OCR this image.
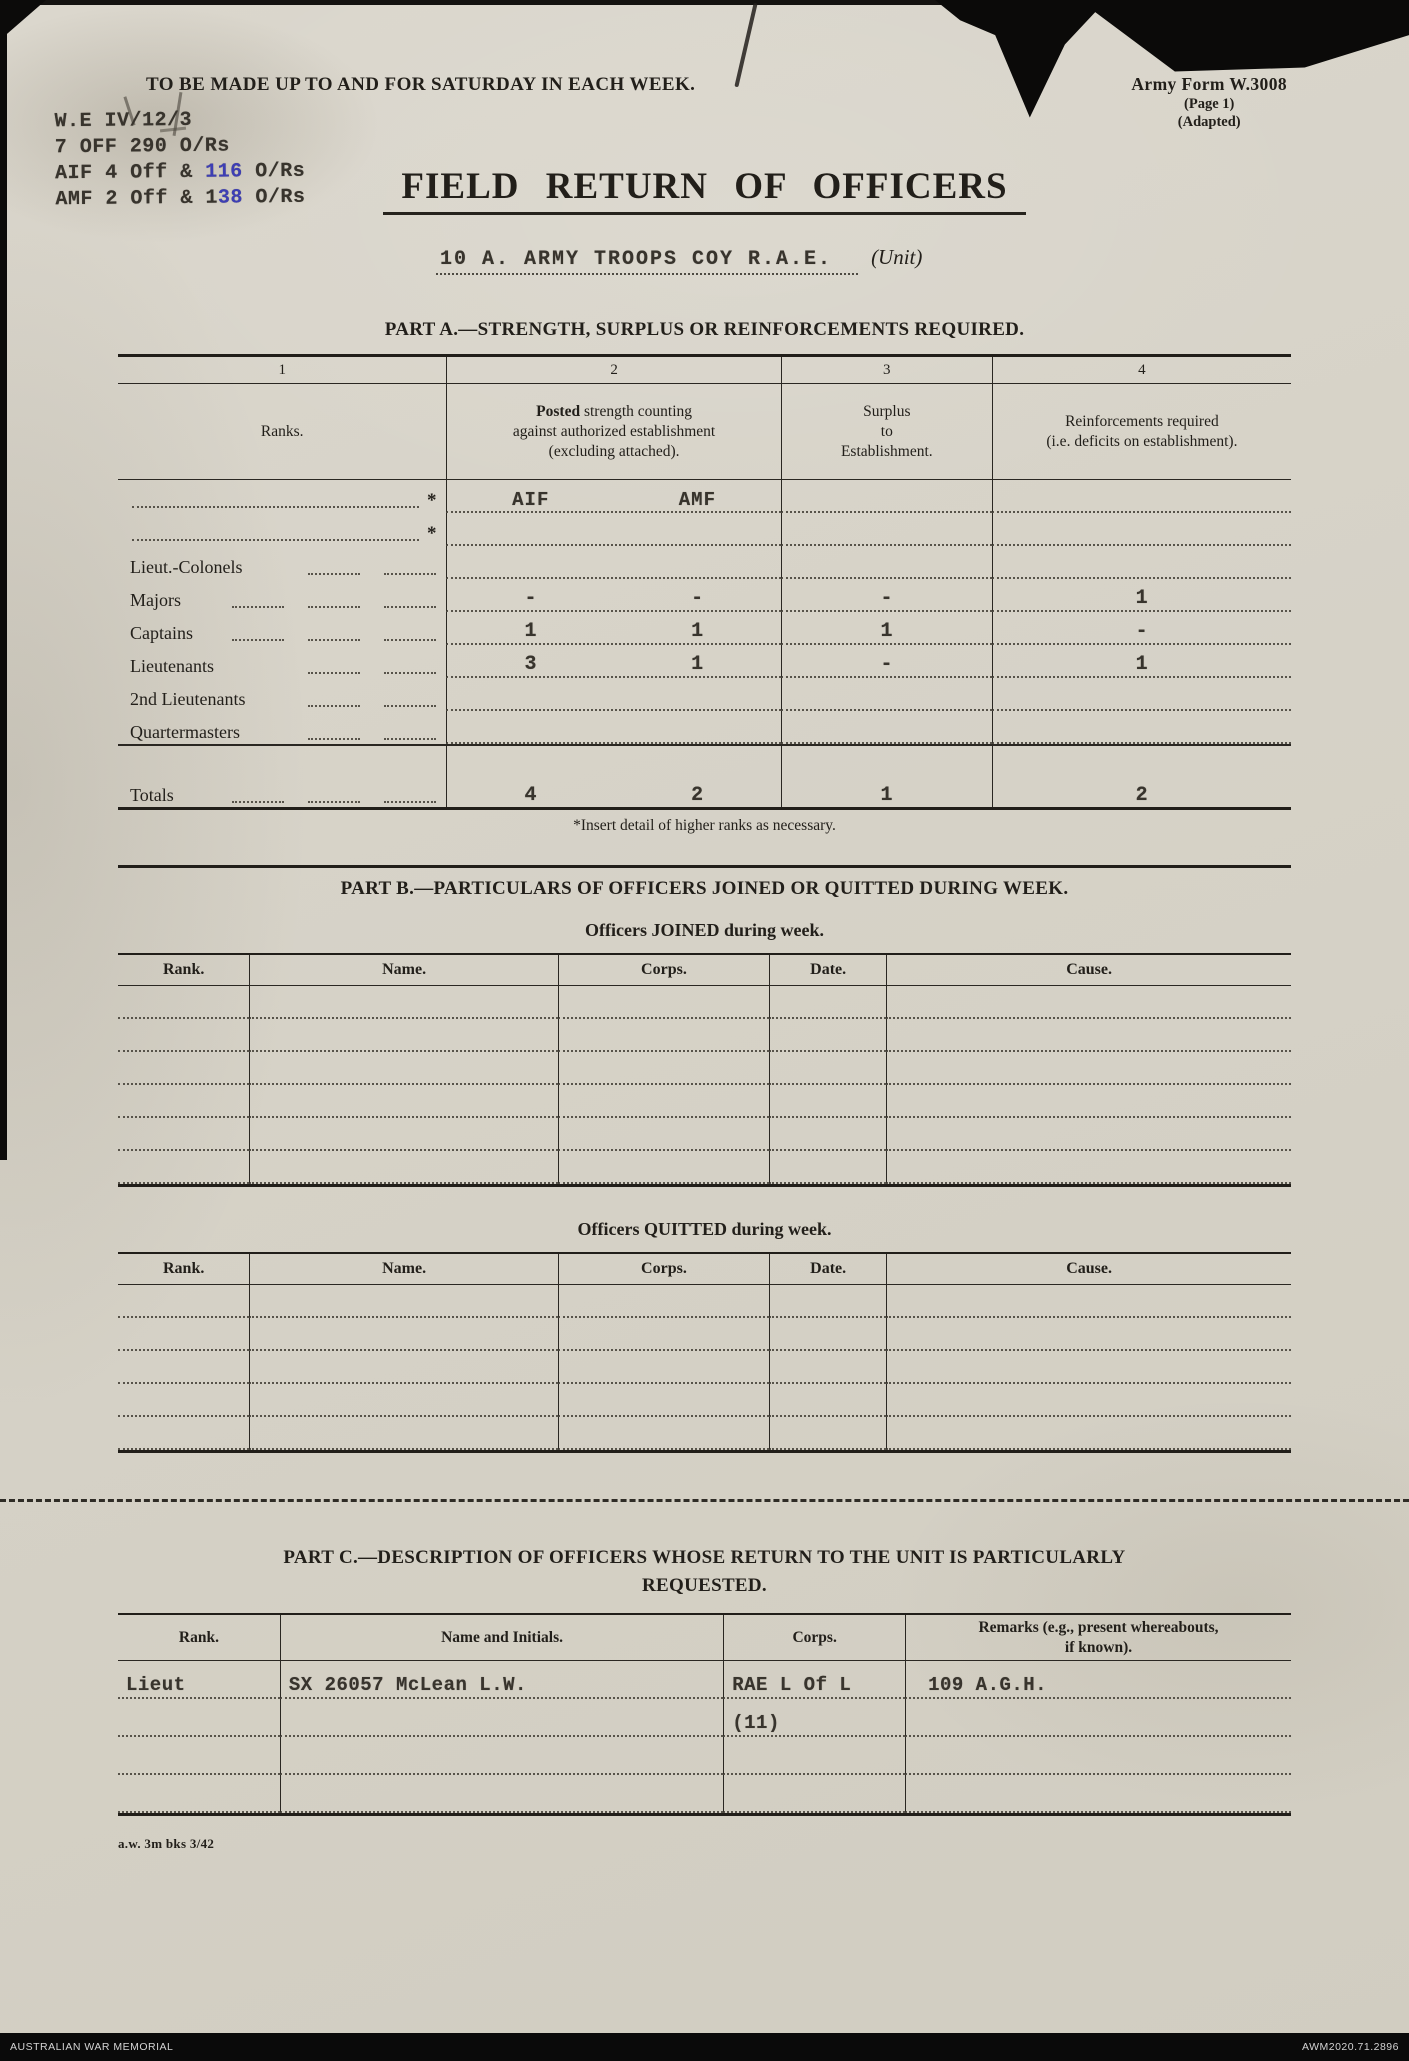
TO BE MADE UP TO AND FOR SATURDAY IN EACH WEEK.	Army Form W.3008
(Page 1)
(Adapted)
W.E IV/12/3
7 OFF 290 O/Rs
AIF 4 Off & 116 O/Rs
AMF 2 Off & 138 O/Rs	FIELD RETURN OF OFFICERS
10 A. ARMY TROOPS COY R.A.E. (Unit)
PART A.—STRENGTH, SURPLUS OR REINFORCEMENTS REQUIRED.
1	2	3	4
Ranks.
Posted strength counting
against authorized establishment
(excluding attached).
Surplus
to
Establishment.
Reinforcements required
(i.e. deficits on establishment).
*	AIF	AMF
*
Lieut.-Colonels
Majors	-	-	-	1
Captains	1	1	1	-
Lieutenants	3	1	-	1
2nd Lieutenants
Quartermasters
Totals	4	2	1	2
*Insert detail of higher ranks as necessary.
PART B.—PARTICULARS OF OFFICERS JOINED OR QUITTED DURING WEEK.
Officers JOINED during week.
Rank.	Name.	Corps.	Date.	Cause.
Officers QUITTED during week.
Rank.	Name.	Corps.	Date.	Cause.
PART C.—DESCRIPTION OF OFFICERS WHOSE RETURN TO THE UNIT IS PARTICULARLY
REQUESTED.
Rank.	Name and Initials.	Corps.
Remarks (e.g., present whereabouts,
if known).
Lieut	SX 26057 McLean L.W.	RAE L Of L	109 A.G.H.
(11)
a.w. 3m bks 3/42
AUSTRALIAN WAR MEMORIAL	AWM2020.71.2896
